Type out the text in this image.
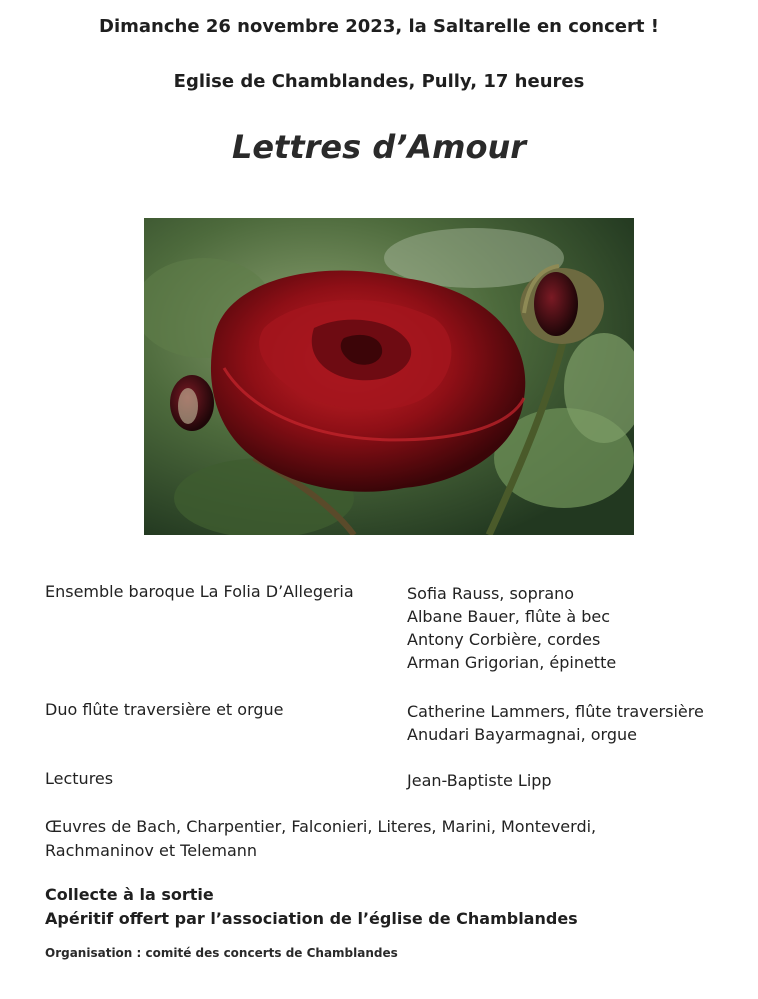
Dimanche 26 novembre 2023, la Saltarelle en concert !
Eglise de Chamblandes, Pully, 17 heures
Lettres d’Amour
Ensemble baroque La Folia D’Allegeria	Sofia Rauss, soprano
Albane Bauer, flûte à bec
Antony Corbière, cordes
Arman Grigorian, épinette
Duo flûte traversière et orgue	Catherine Lammers, flûte traversière
Anudari Bayarmagnai, orgue
Lectures	Jean-Baptiste Lipp
Œuvres de Bach, Charpentier, Falconieri, Literes, Marini, Monteverdi, Rachmaninov et Telemann
Collecte à la sortie
Apéritif offert par l’association de l’église de Chamblandes
Organisation : comité des concerts de Chamblandes
